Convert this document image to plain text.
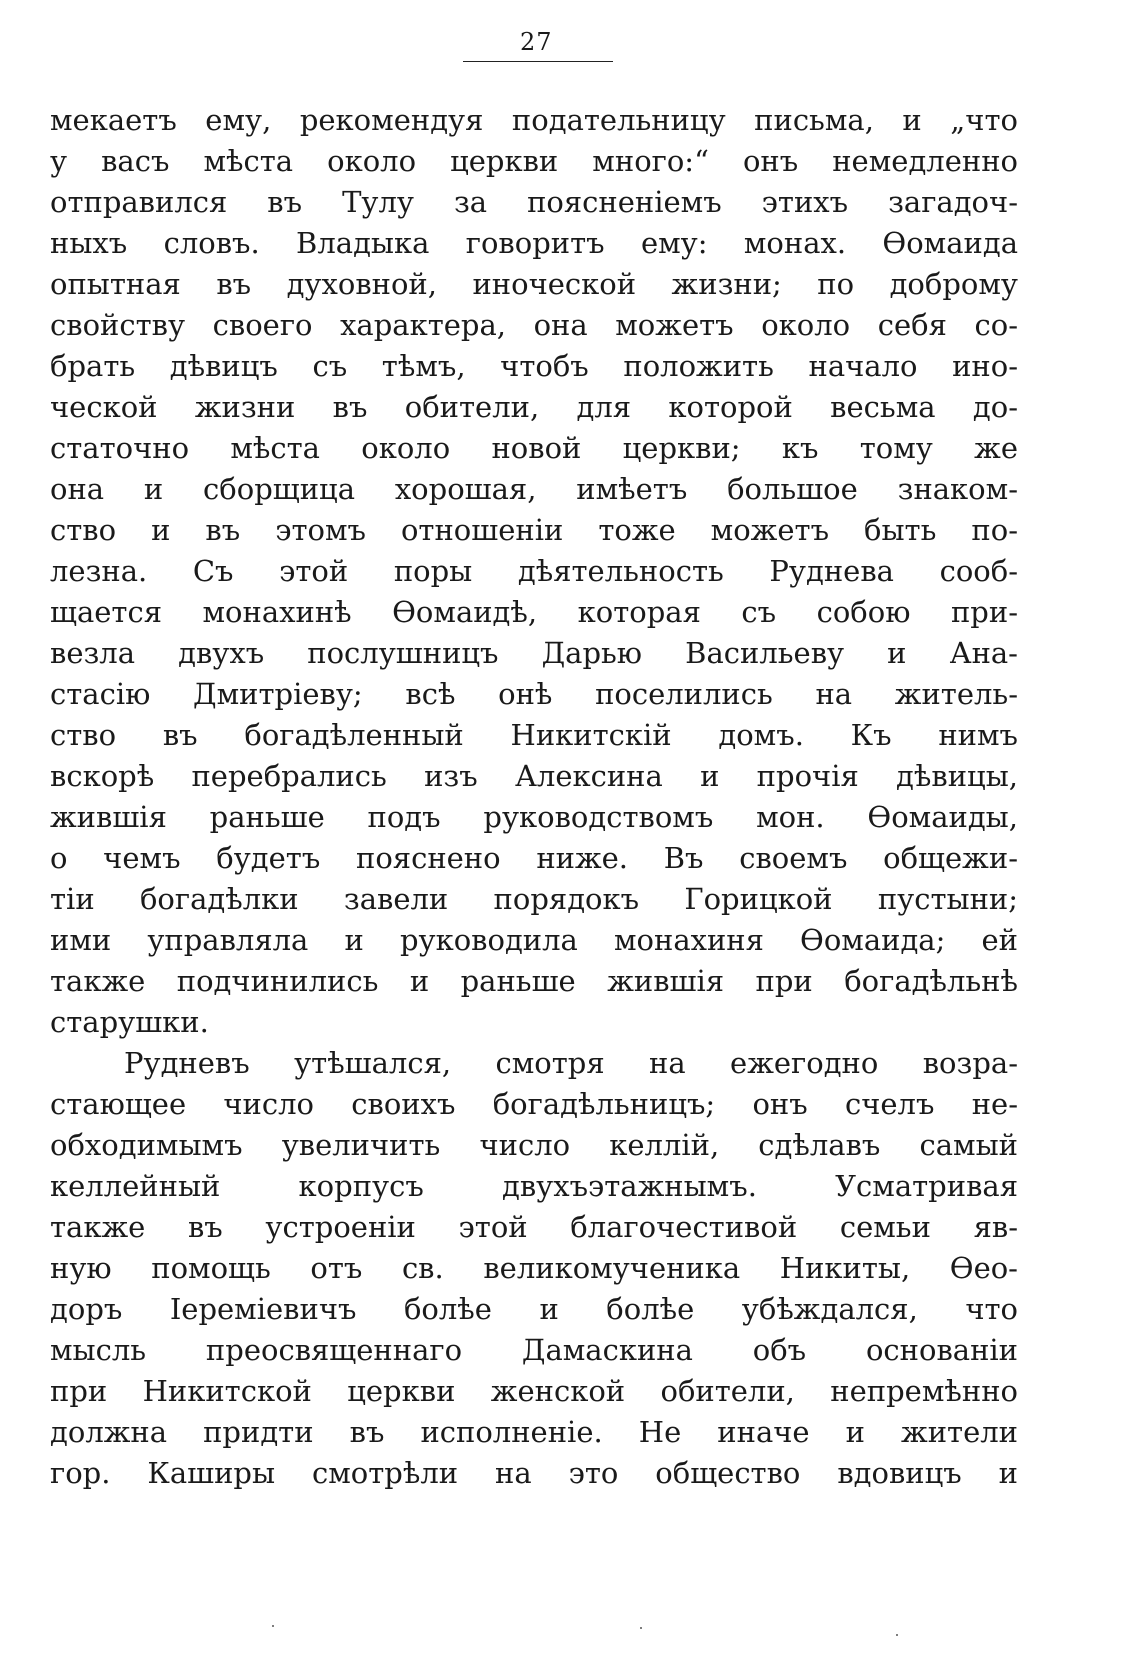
27
мекаетъ ему, рекомендуя подательницу письма, и „что
у васъ мѣста около церкви много:“ онъ немедленно
отправился въ Тулу за поясненіемъ этихъ загадоч-
ныхъ словъ. Владыка говоритъ ему: монах. Ѳомаида
опытная въ духовной, иноческой жизни; по доброму
свойству своего характера, она можетъ около себя со-
брать дѣвицъ съ тѣмъ, чтобъ положить начало ино-
ческой жизни въ обители, для которой весьма до-
статочно мѣста около новой церкви; къ тому же
она и сборщица хорошая, имѣетъ большое знаком-
ство и въ этомъ отношеніи тоже можетъ быть по-
лезна. Съ этой поры дѣятельность Руднева сооб-
щается монахинѣ Ѳомаидѣ, которая съ собою при-
везла двухъ послушницъ Дарью Васильеву и Ана-
стасію Дмитріеву; всѣ онѣ поселились на житель-
ство въ богадѣленный Никитскій домъ. Къ нимъ
вскорѣ перебрались изъ Алексина и прочія дѣвицы,
жившія раньше подъ руководствомъ мон. Ѳомаиды,
о чемъ будетъ пояснено ниже. Въ своемъ общежи-
тіи богадѣлки завели порядокъ Горицкой пустыни;
ими управляла и руководила монахиня Ѳомаида; ей
также подчинились и раньше жившія при богадѣльнѣ
старушки.
Рудневъ утѣшался, смотря на ежегодно возра-
стающее число своихъ богадѣльницъ; онъ счелъ не-
обходимымъ увеличить число келлій, сдѣлавъ самый
келлейный корпусъ двухъэтажнымъ. Усматривая
также въ устроеніи этой благочестивой семьи яв-
ную помощь отъ св. великомученика Никиты, Ѳео-
доръ Іереміевичъ болѣе и болѣе убѣждался, что
мысль преосвященнаго Дамаскина объ основаніи
при Никитской церкви женской обители, непремѣнно
должна придти въ исполненіе. Не иначе и жители
гор. Каширы смотрѣли на это общество вдовицъ и
